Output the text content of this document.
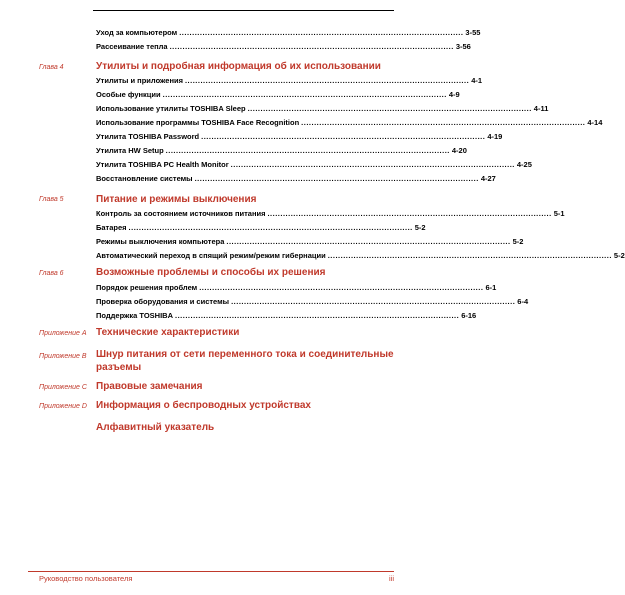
Уход за компьютером .............................................................................................................. 3-55
Рассеивание тепла .............................................................................................................. 3-56
Глава 4	Утилиты и подробная информация об их использовании
Утилиты и приложения .............................................................................................................. 4-1
Особые функции .............................................................................................................. 4-9
Использование утилиты TOSHIBA Sleep .............................................................................................................. 4-11
Использование программы TOSHIBA Face Recognition .............................................................................................................. 4-14
Утилита TOSHIBA Password .............................................................................................................. 4-19
Утилита HW Setup .............................................................................................................. 4-20
Утилита TOSHIBA PC Health Monitor .............................................................................................................. 4-25
Восстановление системы .............................................................................................................. 4-27
Глава 5	Питание и режимы выключения
Контроль за состоянием источников питания .............................................................................................................. 5-1
Батарея .............................................................................................................. 5-2
Режимы выключения компьютера .............................................................................................................. 5-2
Автоматический переход в спящий режим/режим гибернации .............................................................................................................. 5-2
Глава 6	Возможные проблемы и способы их решения
Порядок решения проблем .............................................................................................................. 6-1
Проверка оборудования и системы .............................................................................................................. 6-4
Поддержка TOSHIBA .............................................................................................................. 6-16
Приложение A Технические характеристики
Приложение B Шнур питания от сети переменного тока и соединительные разъемы
Приложение C Правовые замечания
Приложение D Информация о беспроводных устройствах
Алфавитный указатель
Руководство пользователя	iii
